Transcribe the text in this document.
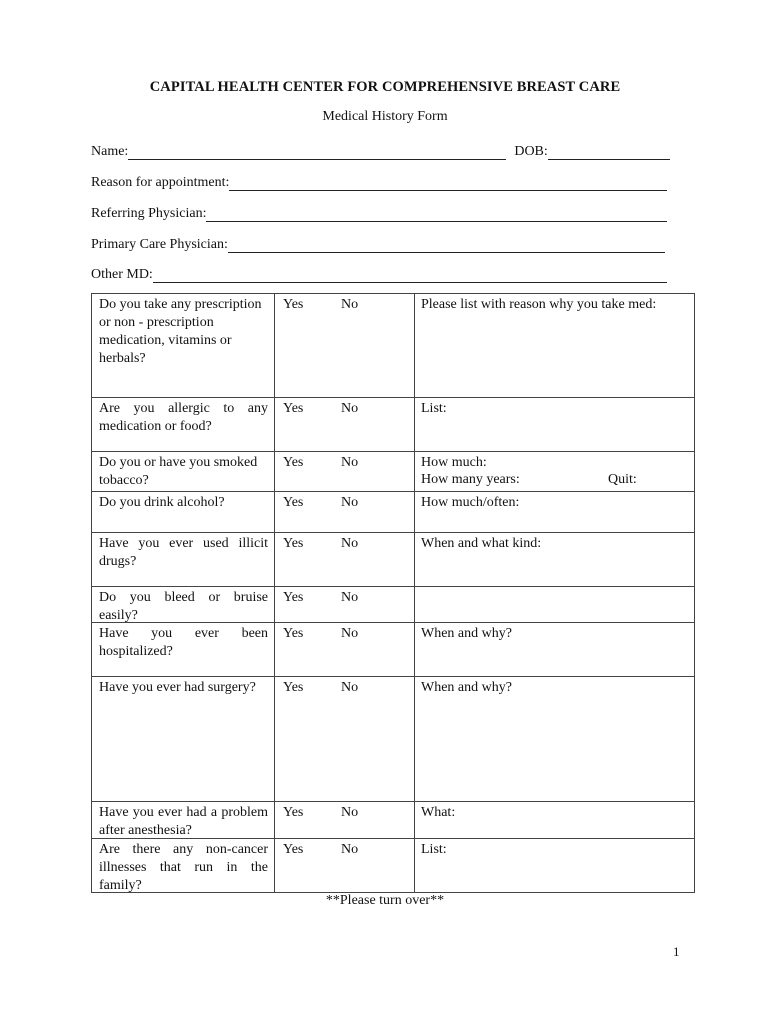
CAPITAL HEALTH CENTER FOR COMPREHENSIVE BREAST CARE
Medical History Form
Name:	DOB:
Reason for appointment:
Referring Physician:
Primary Care Physician:
Other MD:
Do you take any prescription or non - prescription medication, vitamins or herbals?
Yes	No	Please list with reason why you take med:
Are you allergic to any medication or food?
Yes	No	List:
Do you or have you smoked tobacco?
Yes	No	How much:
How many years:	Quit:
Do you drink alcohol?	Yes	No	How much/often:
Have you ever used illicit drugs?
Yes	No	When and what kind:
Do you bleed or bruise easily?
Yes	No
Have you ever been hospitalized?
Yes	No	When and why?
Have you ever had surgery?	Yes	No	When and why?
Have you ever had a problem after anesthesia?
Yes	No	What:
Are there any non-cancer illnesses that run in the family?
Yes	No	List:
**Please turn over**
1
